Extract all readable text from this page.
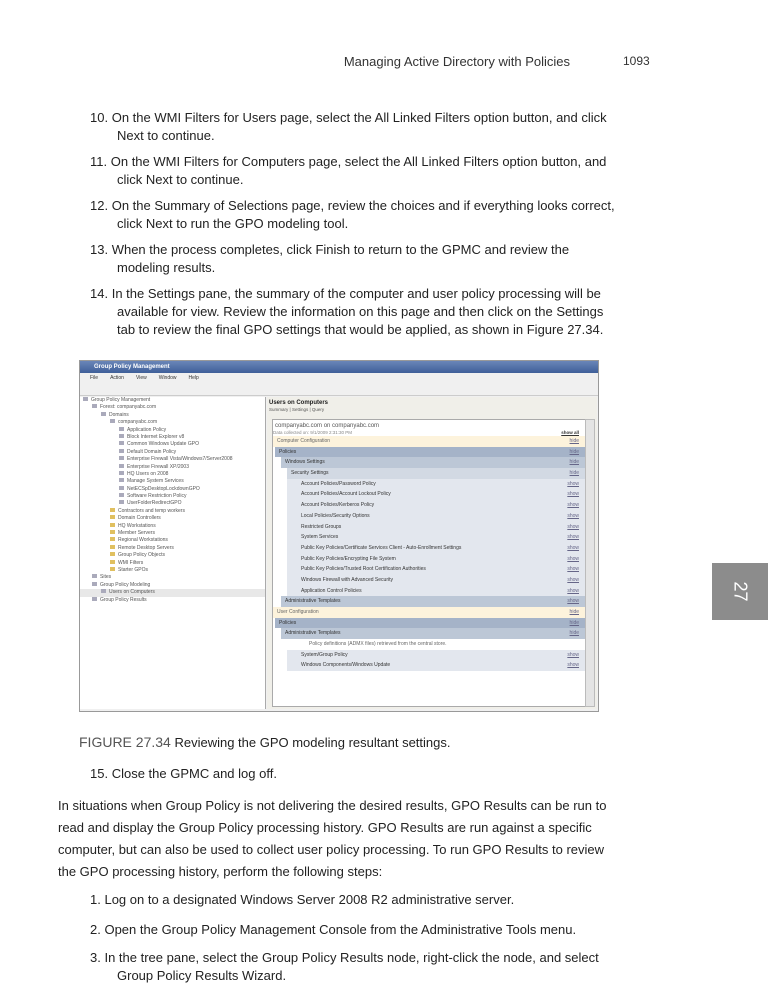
Managing Active Directory with Policies	1093
10. On the WMI Filters for Users page, select the All Linked Filters option button, and click Next to continue.
11. On the WMI Filters for Computers page, select the All Linked Filters option button, and click Next to continue.
12. On the Summary of Selections page, review the choices and if everything looks correct, click Next to run the GPO modeling tool.
13. When the process completes, click Finish to return to the GPMC and review the modeling results.
14. In the Settings pane, the summary of the computer and user policy processing will be available for view. Review the information on this page and then click on the Settings tab to review the final GPO settings that would be applied, as shown in Figure 27.34.
Group Policy Management
File Action View Window Help
Group Policy Management
Forest: companyabc.com
Domains
companyabc.com
Application Policy
Block Internet Explorer v8
Common Windows Update GPO
Default Domain Policy
Enterprise Firewall Vista/Windows7/Server2008
Enterprise Firewall XP/2003
HQ Users on 2008
Manage System Services
NetECSpDesktopLockdownGPO
Software Restriction Policy
UserFolderRedirectGPO
Contractors and temp workers
Domain Controllers
HQ Workstations
Member Servers
Regional Workstations
Remote Desktop Servers
Group Policy Objects
WMI Filters
Starter GPOs
Sites
Group Policy Modeling
Users on Computers
Group Policy Results
Users on Computers
Summary | Settings | Query
companyabc.com on companyabc.com
Data collected on: 9/1/2009 2:31:30 PM	show all
Computer Configuration	hide
Policies	hide
Windows Settings	hide
Security Settings	hide
Account Policies/Password Policy	show
Account Policies/Account Lockout Policy	show
Account Policies/Kerberos Policy	show
Local Policies/Security Options	show
Restricted Groups	show
System Services	show
Public Key Policies/Certificate Services Client - Auto-Enrollment Settings	show
Public Key Policies/Encrypting File System	show
Public Key Policies/Trusted Root Certification Authorities	show
Windows Firewall with Advanced Security	show
Application Control Policies	show
Administrative Templates	show
User Configuration	hide
Policies	hide
Administrative Templates	hide
Policy definitions (ADMX files) retrieved from the central store.
System/Group Policy	show
Windows Components/Windows Update	show
FIGURE 27.34 Reviewing the GPO modeling resultant settings.
15. Close the GPMC and log off.
In situations when Group Policy is not delivering the desired results, GPO Results can be run to read and display the Group Policy processing history. GPO Results are run against a specific computer, but can also be used to collect user policy processing. To run GPO Results to review the GPO processing history, perform the following steps:
1. Log on to a designated Windows Server 2008 R2 administrative server.
2. Open the Group Policy Management Console from the Administrative Tools menu.
3. In the tree pane, select the Group Policy Results node, right-click the node, and select Group Policy Results Wizard.
27
